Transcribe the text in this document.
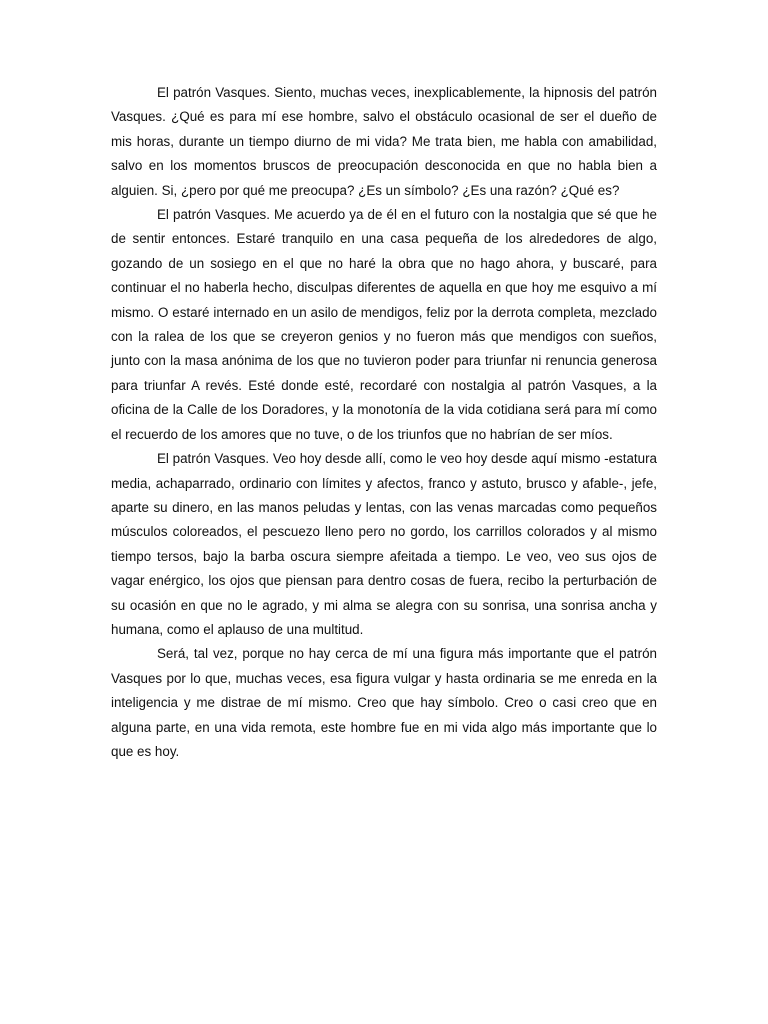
El patrón Vasques. Siento, muchas veces, inexplicablemente, la hipnosis del patrón Vasques. ¿Qué es para mí ese hombre, salvo el obstáculo ocasional de ser el dueño de mis horas, durante un tiempo diurno de mi vida? Me trata bien, me habla con amabilidad, salvo en los momentos bruscos de preocupación desconocida en que no habla bien a alguien. Si, ¿pero por qué me preocupa? ¿Es un símbolo? ¿Es una razón? ¿Qué es?

El patrón Vasques. Me acuerdo ya de él en el futuro con la nostalgia que sé que he de sentir entonces. Estaré tranquilo en una casa pequeña de los alrededores de algo, gozando de un sosiego en el que no haré la obra que no hago ahora, y buscaré, para continuar el no haberla hecho, disculpas diferentes de aquella en que hoy me esquivo a mí mismo. O estaré internado en un asilo de mendigos, feliz por la derrota completa, mezclado con la ralea de los que se creyeron genios y no fueron más que mendigos con sueños, junto con la masa anónima de los que no tuvieron poder para triunfar ni renuncia generosa para triunfar A revés. Esté donde esté, recordaré con nostalgia al patrón Vasques, a la oficina de la Calle de los Doradores, y la monotonía de la vida cotidiana será para mí como el recuerdo de los amores que no tuve, o de los triunfos que no habrían de ser míos.

El patrón Vasques. Veo hoy desde allí, como le veo hoy desde aquí mismo -estatura media, achaparrado, ordinario con límites y afectos, franco y astuto, brusco y afable-, jefe, aparte su dinero, en las manos peludas y lentas, con las venas marcadas como pequeños músculos coloreados, el pescuezo lleno pero no gordo, los carrillos colorados y al mismo tiempo tersos, bajo la barba oscura siempre afeitada a tiempo. Le veo, veo sus ojos de vagar enérgico, los ojos que piensan para dentro cosas de fuera, recibo la perturbación de su ocasión en que no le agrado, y mi alma se alegra con su sonrisa, una sonrisa ancha y humana, como el aplauso de una multitud.

Será, tal vez, porque no hay cerca de mí una figura más importante que el patrón Vasques por lo que, muchas veces, esa figura vulgar y hasta ordinaria se me enreda en la inteligencia y me distrae de mí mismo. Creo que hay símbolo. Creo o casi creo que en alguna parte, en una vida remota, este hombre fue en mi vida algo más importante que lo que es hoy.
